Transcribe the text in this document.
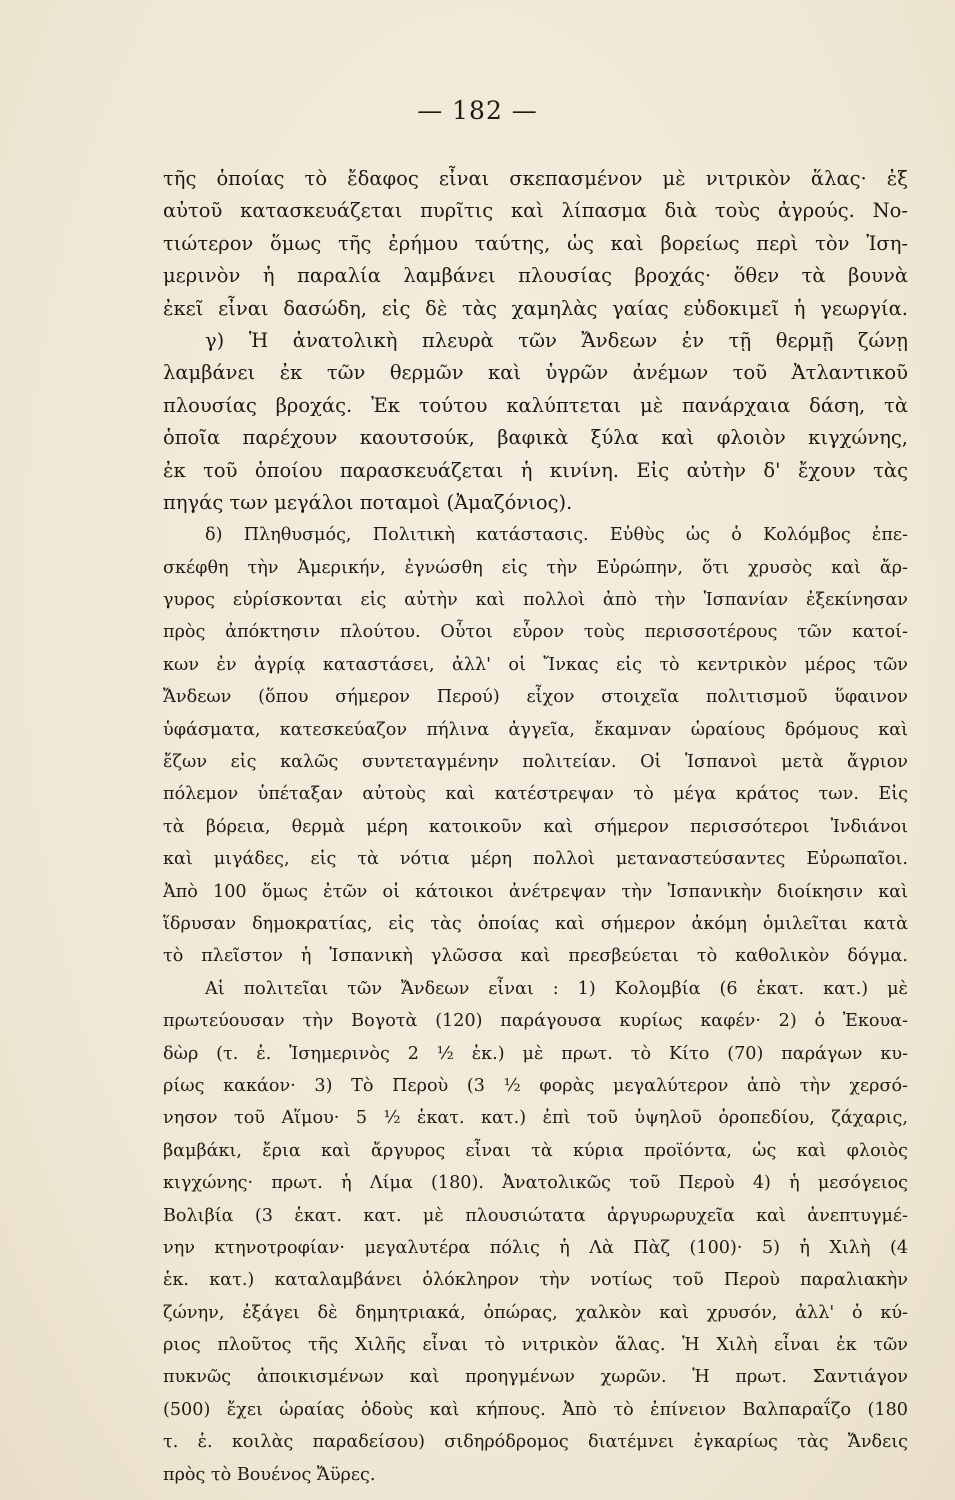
— 182 —
τῆς ὁποίας τὸ ἔδαφος εἶναι σκεπασμένον μὲ νιτρικὸν ἅλας· ἐξ
αὐτοῦ κατασκευάζεται πυρῖτις καὶ λίπασμα διὰ τοὺς ἀγρούς. Νο-
τιώτερον ὅμως τῆς ἐρήμου ταύτης, ὡς καὶ βορείως περὶ τὸν Ἰση-
μερινὸν ἡ παραλία λαμβάνει πλουσίας βροχάς· ὅθεν τὰ βουνὰ
ἐκεῖ εἶναι δασώδη, εἰς δὲ τὰς χαμηλὰς γαίας εὐδοκιμεῖ ἡ γεωργία.
γ) Ἡ ἀνατολικὴ πλευρὰ τῶν Ἄνδεων ἐν τῇ θερμῇ ζώνῃ
λαμβάνει ἐκ τῶν θερμῶν καὶ ὑγρῶν ἀνέμων τοῦ Ἀτλαντικοῦ
πλουσίας βροχάς. Ἐκ τούτου καλύπτεται μὲ πανάρχαια δάση, τὰ
ὁποῖα παρέχουν καουτσούκ, βαφικὰ ξύλα καὶ φλοιὸν κιγχώνης,
ἐκ τοῦ ὁποίου παρασκευάζεται ἡ κινίνη. Εἰς αὐτὴν δ' ἔχουν τὰς
πηγάς των μεγάλοι ποταμοὶ (Ἀμαζόνιος).
δ) Πληθυσμός, Πολιτικὴ κατάστασις. Εὐθὺς ὡς ὁ Κολόμβος ἐπε-
σκέφθη τὴν Ἀμερικήν, ἐγνώσθη εἰς τὴν Εὐρώπην, ὅτι χρυσὸς καὶ ἄρ-
γυρος εὑρίσκονται εἰς αὐτὴν καὶ πολλοὶ ἀπὸ τὴν Ἱσπανίαν ἐξεκίνησαν
πρὸς ἀπόκτησιν πλούτου. Οὗτοι εὗρον τοὺς περισσοτέρους τῶν κατοί-
κων ἐν ἀγρίᾳ καταστάσει, ἀλλ' οἱ Ἴνκας εἰς τὸ κεντρικὸν μέρος τῶν
Ἄνδεων (ὅπου σήμερον Περού) εἶχον στοιχεῖα πολιτισμοῦ ὕφαινον
ὑφάσματα, κατεσκεύαζον πήλινα ἀγγεῖα, ἔκαμναν ὡραίους δρόμους καὶ
ἔζων εἰς καλῶς συντεταγμένην πολιτείαν. Οἱ Ἱσπανοὶ μετὰ ἄγριον
πόλεμον ὑπέταξαν αὐτοὺς καὶ κατέστρεψαν τὸ μέγα κράτος των. Εἰς
τὰ βόρεια, θερμὰ μέρη κατοικοῦν καὶ σήμερον περισσότεροι Ἰνδιάνοι
καὶ μιγάδες, εἰς τὰ νότια μέρη πολλοὶ μεταναστεύσαντες Εὐρωπαῖοι.
Ἀπὸ 100 ὅμως ἐτῶν οἱ κάτοικοι ἀνέτρεψαν τὴν Ἱσπανικὴν διοίκησιν καὶ
ἵδρυσαν δημοκρατίας, εἰς τὰς ὁποίας καὶ σήμερον ἀκόμη ὁμιλεῖται κατὰ
τὸ πλεῖστον ἡ Ἱσπανικὴ γλῶσσα καὶ πρεσβεύεται τὸ καθολικὸν δόγμα.
Αἱ πολιτεῖαι τῶν Ἄνδεων εἶναι : 1) Κολομβία (6 ἑκατ. κατ.) μὲ
πρωτεύουσαν τὴν Βογοτὰ (120) παράγουσα κυρίως καφέν· 2) ὁ Ἐκουα-
δὼρ (τ. ἑ. Ἰσημερινὸς 2 ½ ἑκ.) μὲ πρωτ. τὸ Κίτο (70) παράγων κυ-
ρίως κακάον· 3) Τὸ Περοὺ (3 ½ φορὰς μεγαλύτερον ἀπὸ τὴν χερσό-
νησον τοῦ Αἵμου· 5 ½ ἑκατ. κατ.) ἐπὶ τοῦ ὑψηλοῦ ὀροπεδίου, ζάχαρις,
βαμβάκι, ἔρια καὶ ἄργυρος εἶναι τὰ κύρια προϊόντα, ὡς καὶ φλοιὸς
κιγχώνης· πρωτ. ἡ Λίμα (180). Ἀνατολικῶς τοῦ Περοὺ 4) ἡ μεσόγειος
Βολιβία (3 ἑκατ. κατ. μὲ πλουσιώτατα ἀργυρωρυχεῖα καὶ ἀνεπτυγμέ-
νην κτηνοτροφίαν· μεγαλυτέρα πόλις ἡ Λὰ Πὰζ (100)· 5) ἡ Χιλὴ (4
ἑκ. κατ.) καταλαμβάνει ὁλόκληρον τὴν νοτίως τοῦ Περοὺ παραλιακὴν
ζώνην, ἐξάγει δὲ δημητριακά, ὀπώρας, χαλκὸν καὶ χρυσόν, ἀλλ' ὁ κύ-
ριος πλοῦτος τῆς Χιλῆς εἶναι τὸ νιτρικὸν ἅλας. Ἡ Χιλὴ εἶναι ἐκ τῶν
πυκνῶς ἀποικισμένων καὶ προηγμένων χωρῶν. Ἡ πρωτ. Σαντιάγον
(500) ἔχει ὡραίας ὁδοὺς καὶ κήπους. Ἀπὸ τὸ ἐπίνειον Βαλπαραΐζο (180
τ. ἑ. κοιλὰς παραδείσου) σιδηρόδρομος διατέμνει ἐγκαρίως τὰς Ἄνδεις
πρὸς τὸ Βουένος Ἄϋρες.
